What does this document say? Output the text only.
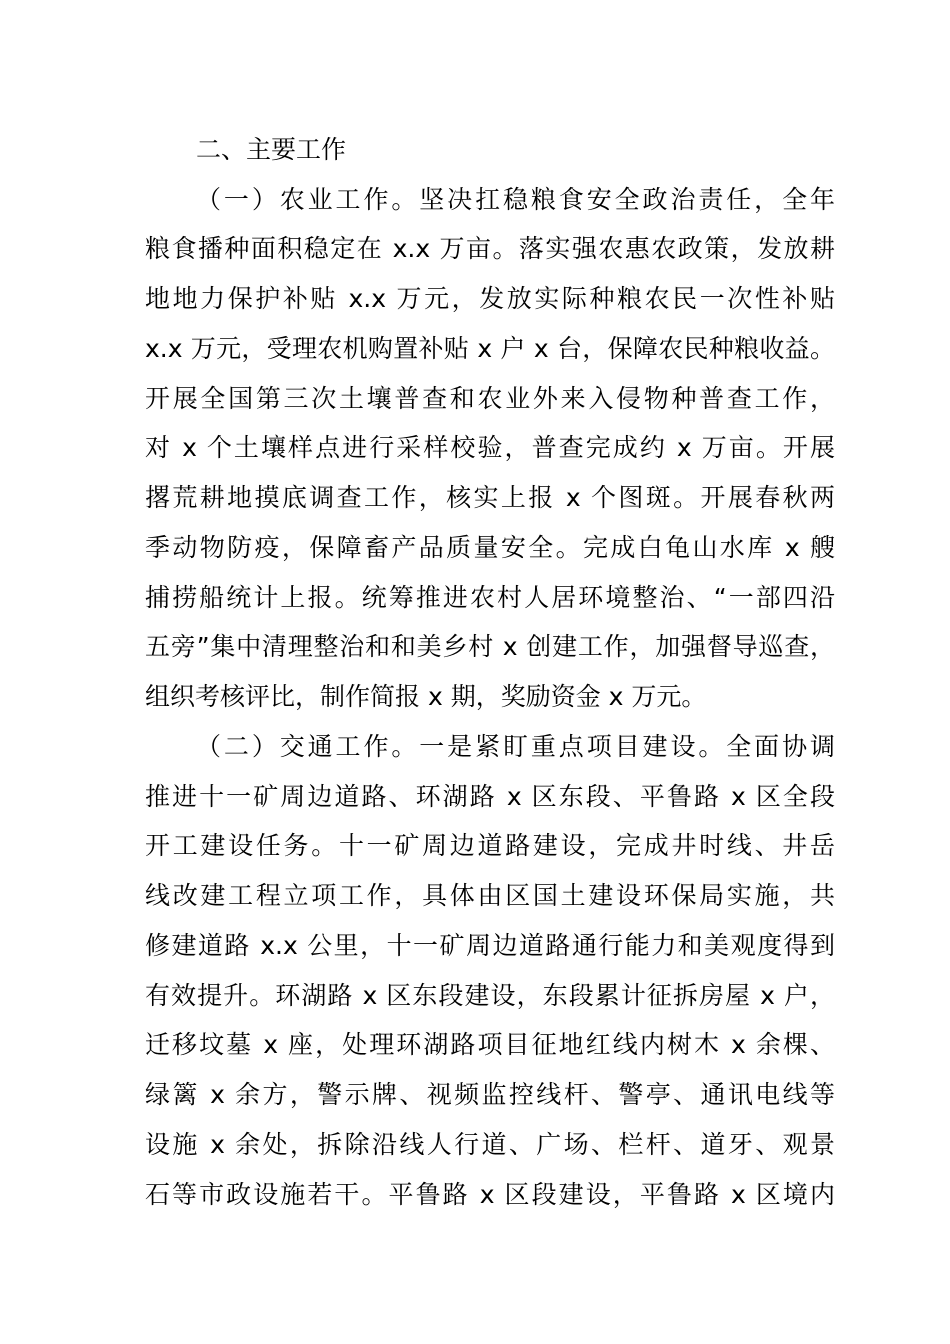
二、主要工作
（一）农业工作。坚决扛稳粮食安全政治责任，全年
粮食播种面积稳定在 x.x 万亩。落实强农惠农政策，发放耕
地地力保护补贴 x.x 万元，发放实际种粮农民一次性补贴
x.x 万元，受理农机购置补贴 x 户 x 台，保障农民种粮收益。
开展全国第三次土壤普查和农业外来入侵物种普查工作，
对 x 个土壤样点进行采样校验，普查完成约 x 万亩。开展
撂荒耕地摸底调查工作，核实上报 x 个图斑。开展春秋两
季动物防疫，保障畜产品质量安全。完成白龟山水库 x 艘
捕捞船统计上报。统筹推进农村人居环境整治、“一部四沿
五旁”集中清理整治和和美乡村 x 创建工作，加强督导巡查，
组织考核评比，制作简报 x 期，奖励资金 x 万元。
（二）交通工作。一是紧盯重点项目建设。全面协调
推进十一矿周边道路、环湖路 x 区东段、平鲁路 x 区全段
开工建设任务。十一矿周边道路建设，完成井时线、井岳
线改建工程立项工作，具体由区国土建设环保局实施，共
修建道路 x.x 公里，十一矿周边道路通行能力和美观度得到
有效提升。环湖路 x 区东段建设，东段累计征拆房屋 x 户，
迁移坟墓 x 座，处理环湖路项目征地红线内树木 x 余棵、
绿篱 x 余方，警示牌、视频监控线杆、警亭、通讯电线等
设施 x 余处，拆除沿线人行道、广场、栏杆、道牙、观景
石等市政设施若干。平鲁路 x 区段建设，平鲁路 x 区境内
